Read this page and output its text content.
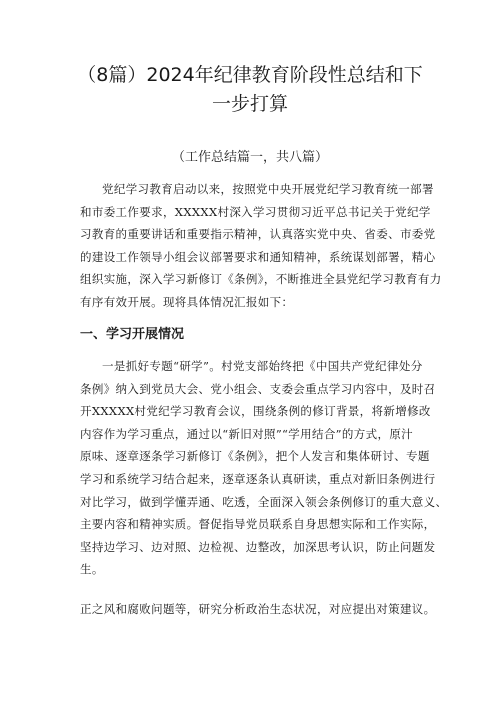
（8篇）2024年纪律教育阶段性总结和下
一步打算

（工作总结篇一，共八篇）

党纪学习教育启动以来，按照党中央开展党纪学习教育统一部署
和市委工作要求，XXXXX村深入学习贯彻习近平总书记关于党纪学
习教育的重要讲话和重要指示精神，认真落实党中央、省委、市委党
的建设工作领导小组会议部署要求和通知精神，系统谋划部署，精心
组织实施，深入学习新修订《条例》，不断推进全县党纪学习教育有力
有序有效开展。现将具体情况汇报如下：

一、学习开展情况

一是抓好专题“研学”。村党支部始终把《中国共产党纪律处分
条例》纳入到党员大会、党小组会、支委会重点学习内容中，及时召
开XXXXX村党纪学习教育会议，围绕条例的修订背景，将新增修改
内容作为学习重点，通过以“新旧对照”“学用结合”的方式，原汁
原味、逐章逐条学习新修订《条例》，把个人发言和集体研讨、专题
学习和系统学习结合起来，逐章逐条认真研读，重点对新旧条例进行
对比学习，做到学懂弄通、吃透，全面深入领会条例修订的重大意义、
主要内容和精神实质。督促指导党员联系自身思想实际和工作实际，
坚持边学习、边对照、边检视、边整改，加深思考认识，防止问题发
生。

正之风和腐败问题等，研究分析政治生态状况，对应提出对策建议。
